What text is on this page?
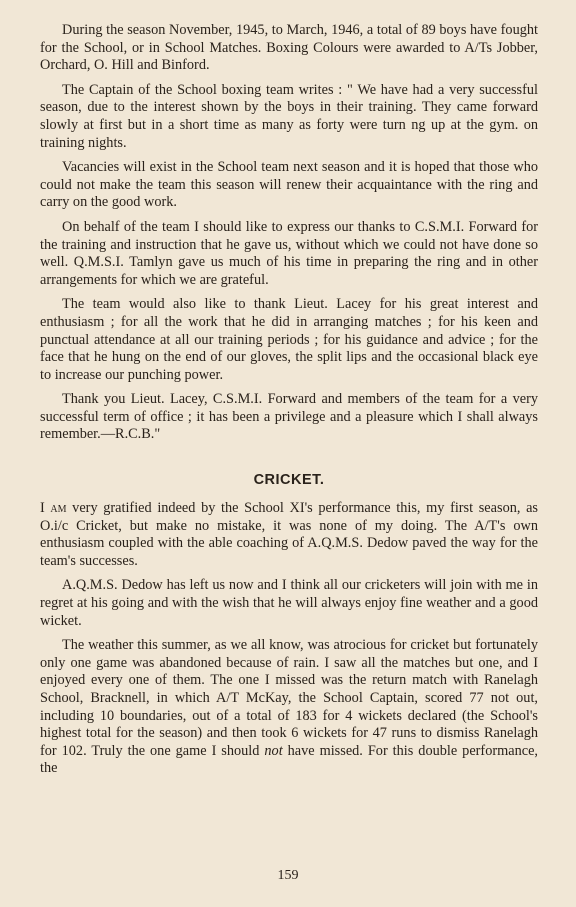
During the season November, 1945, to March, 1946, a total of 89 boys have fought for the School, or in School Matches. Boxing Colours were awarded to A/Ts Jobber, Orchard, O. Hill and Binford.

The Captain of the School boxing team writes : " We have had a very successful season, due to the interest shown by the boys in their training. They came forward slowly at first but in a short time as many as forty were turn ng up at the gym. on training nights.

Vacancies will exist in the School team next season and it is hoped that those who could not make the team this season will renew their acquaintance with the ring and carry on the good work.

On behalf of the team I should like to express our thanks to C.S.M.I. Forward for the training and instruction that he gave us, without which we could not have done so well. Q.M.S.I. Tamlyn gave us much of his time in preparing the ring and in other arrangements for which we are grateful.

The team would also like to thank Lieut. Lacey for his great interest and enthusiasm ; for all the work that he did in arranging matches ; for his keen and punctual attendance at all our training periods ; for his guidance and advice ; for the face that he hung on the end of our gloves, the split lips and the occasional black eye to increase our punching power.

Thank you Lieut. Lacey, C.S.M.I. Forward and members of the team for a very successful term of office ; it has been a privilege and a pleasure which I shall always remember.—R.C.B."

CRICKET.

I am very gratified indeed by the School XI's performance this, my first season, as O.i/c Cricket, but make no mistake, it was none of my doing. The A/T's own enthusiasm coupled with the able coaching of A.Q.M.S. Dedow paved the way for the team's successes.

A.Q.M.S. Dedow has left us now and I think all our cricketers will join with me in regret at his going and with the wish that he will always enjoy fine weather and a good wicket.

The weather this summer, as we all know, was atrocious for cricket but fortunately only one game was abandoned because of rain. I saw all the matches but one, and I enjoyed every one of them. The one I missed was the return match with Ranelagh School, Bracknell, in which A/T McKay, the School Captain, scored 77 not out, including 10 boundaries, out of a total of 183 for 4 wickets declared (the School's highest total for the season) and then took 6 wickets for 47 runs to dismiss Ranelagh for 102. Truly the one game I should not have missed. For this double performance, the

159
